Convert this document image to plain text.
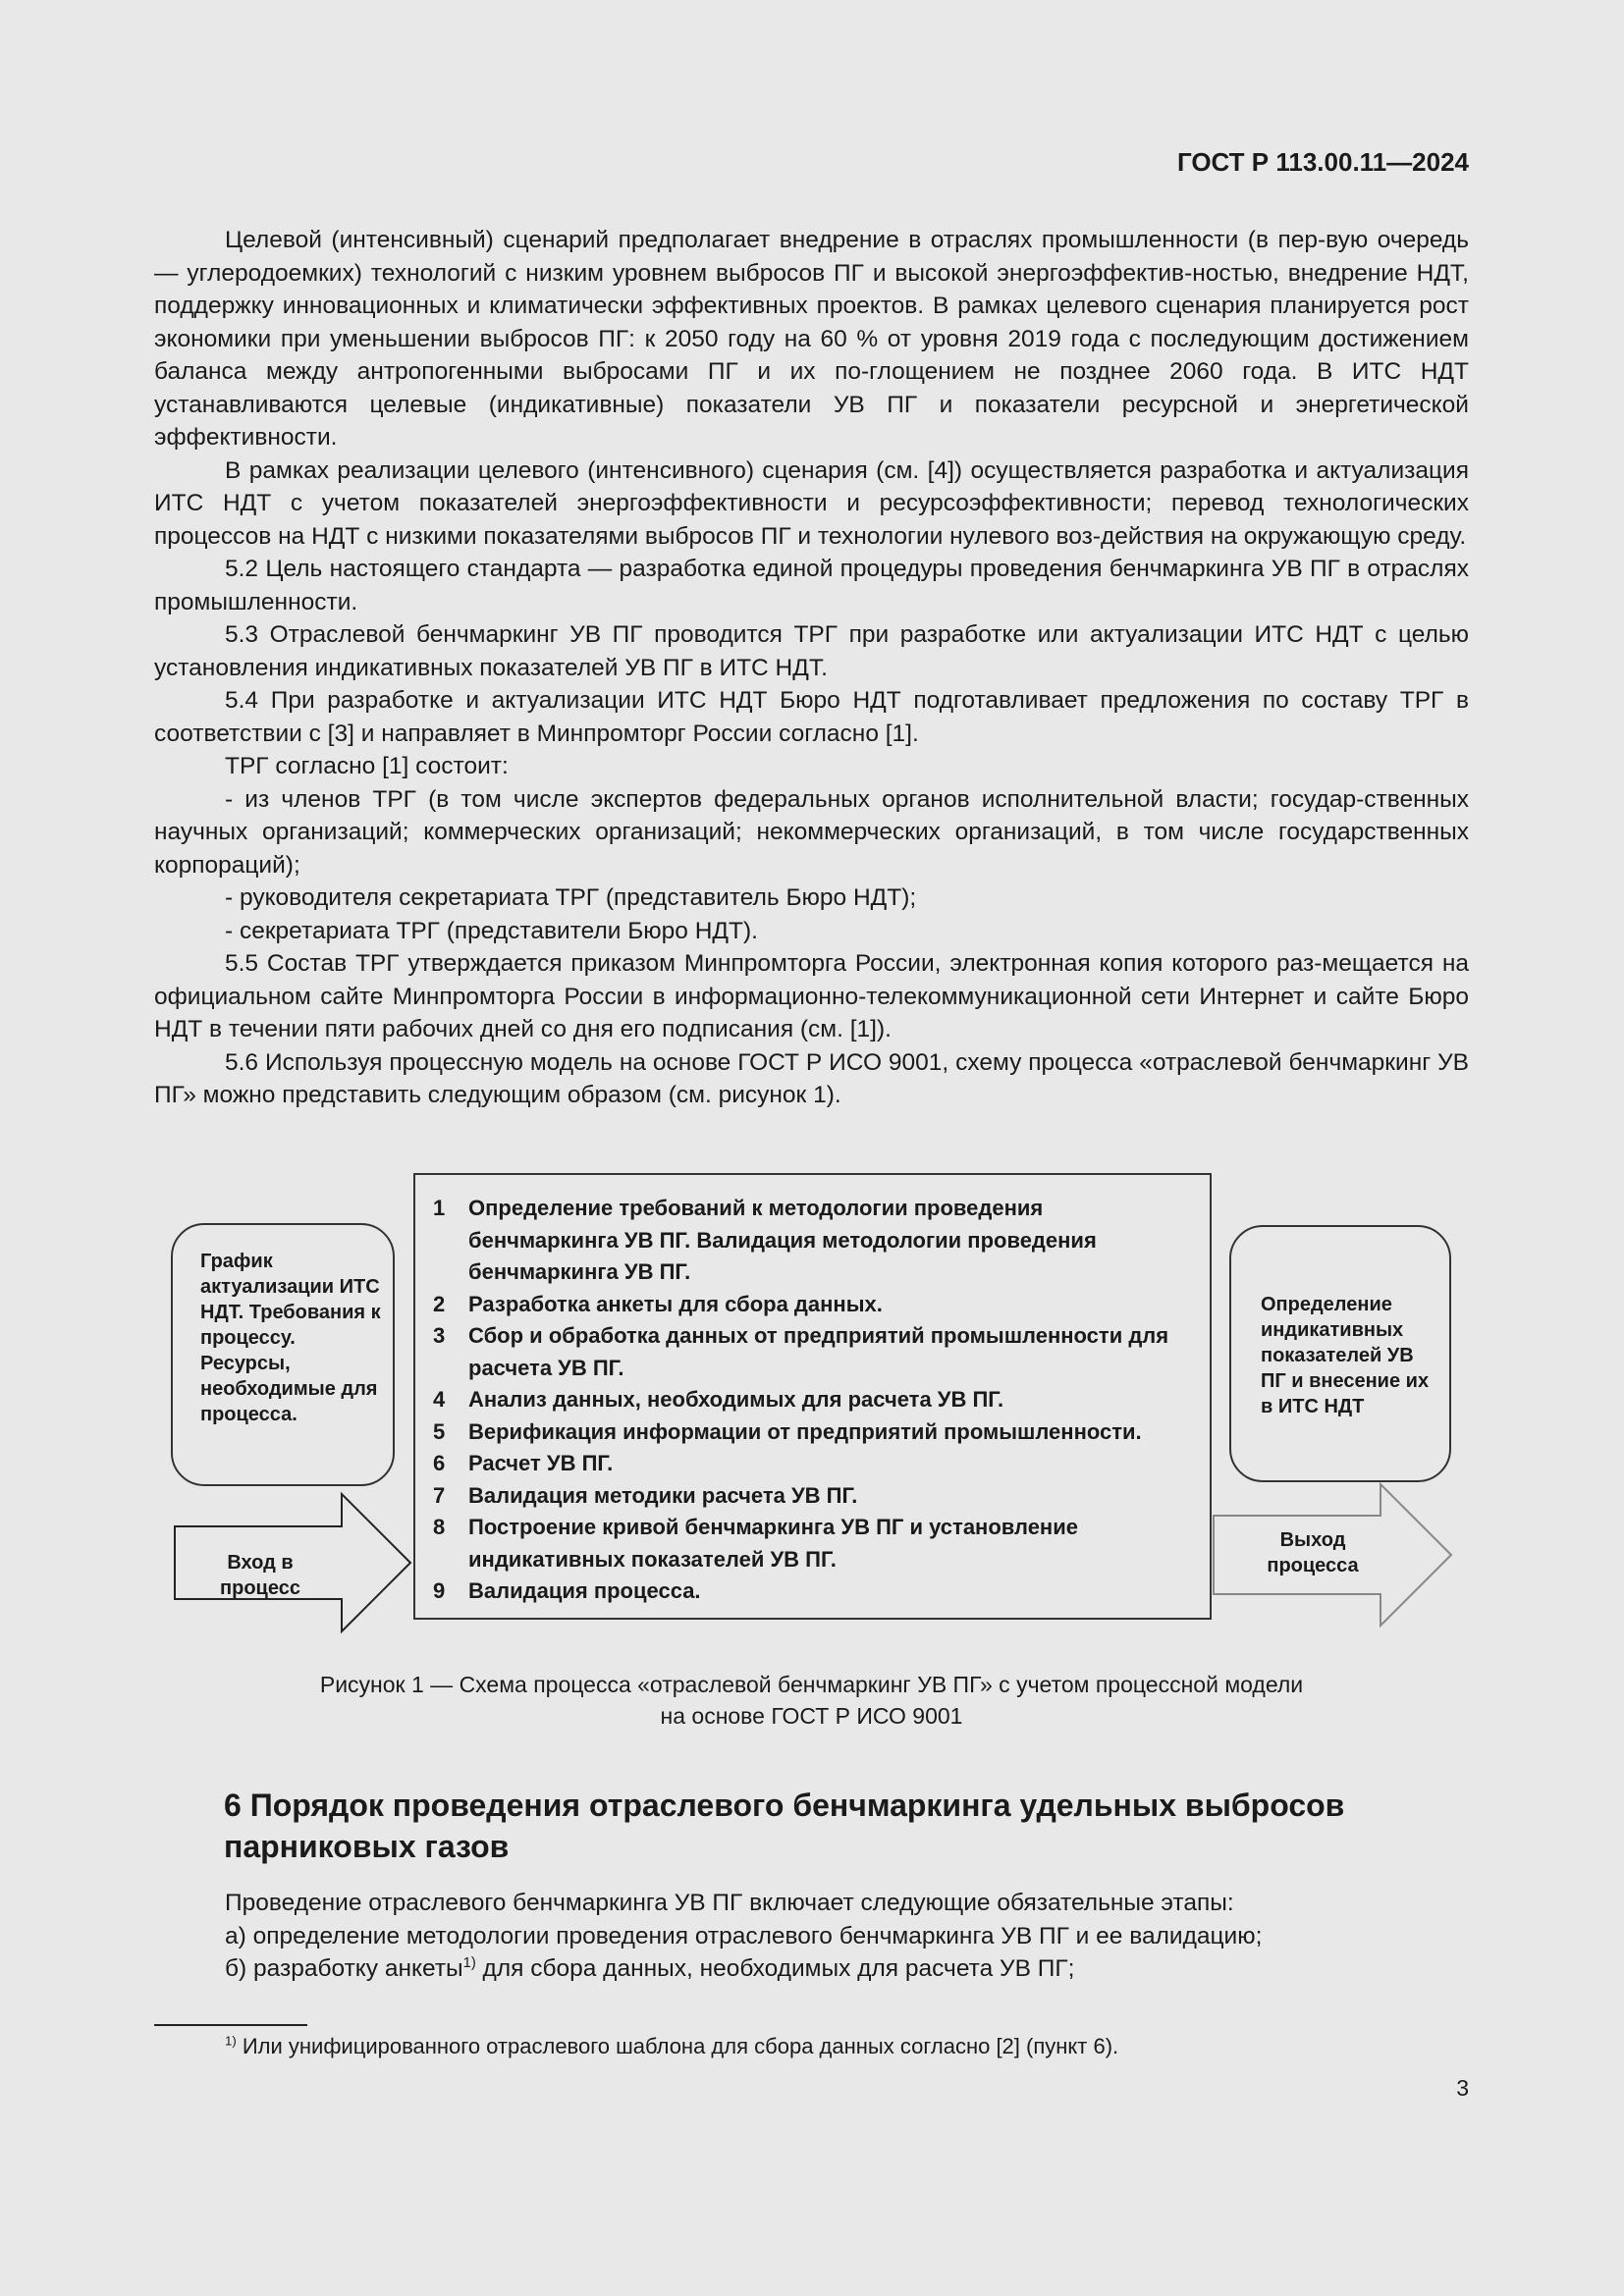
ГОСТ Р 113.00.11—2024

Целевой (интенсивный) сценарий предполагает внедрение в отраслях промышленности (в пер-вую очередь — углеродоемких) технологий с низким уровнем выбросов ПГ и высокой энергоэффектив-ностью, внедрение НДТ, поддержку инновационных и климатически эффективных проектов. В рамках целевого сценария планируется рост экономики при уменьшении выбросов ПГ: к 2050 году на 60 % от уровня 2019 года с последующим достижением баланса между антропогенными выбросами ПГ и их по-глощением не позднее 2060 года. В ИТС НДТ устанавливаются целевые (индикативные) показатели УВ ПГ и показатели ресурсной и энергетической эффективности.

В рамках реализации целевого (интенсивного) сценария (см. [4]) осуществляется разработка и актуализация ИТС НДТ с учетом показателей энергоэффективности и ресурсоэффективности; перевод технологических процессов на НДТ с низкими показателями выбросов ПГ и технологии нулевого воз-действия на окружающую среду.

5.2 Цель настоящего стандарта — разработка единой процедуры проведения бенчмаркинга УВ ПГ в отраслях промышленности.

5.3 Отраслевой бенчмаркинг УВ ПГ проводится ТРГ при разработке или актуализации ИТС НДТ с целью установления индикативных показателей УВ ПГ в ИТС НДТ.

5.4 При разработке и актуализации ИТС НДТ Бюро НДТ подготавливает предложения по составу ТРГ в соответствии с [3] и направляет в Минпромторг России согласно [1].

ТРГ согласно [1] состоит:

- из членов ТРГ (в том числе экспертов федеральных органов исполнительной власти; государ-ственных научных организаций; коммерческих организаций; некоммерческих организаций, в том числе государственных корпораций);

- руководителя секретариата ТРГ (представитель Бюро НДТ);

- секретариата ТРГ (представители Бюро НДТ).

5.5 Состав ТРГ утверждается приказом Минпромторга России, электронная копия которого раз-мещается на официальном сайте Минпромторга России в информационно-телекоммуникационной сети Интернет и сайте Бюро НДТ в течении пяти рабочих дней со дня его подписания (см. [1]).

5.6 Используя процессную модель на основе ГОСТ Р ИСО 9001, схему процесса «отраслевой бенчмаркинг УВ ПГ» можно представить следующим образом (см. рисунок 1).

График актуализации ИТС НДТ. Требования к процессу. Ресурсы, необходимые для процесса.
Вход в процесс
1	Определение требований к методологии проведения бенчмаркинга УВ ПГ. Валидация методологии проведения бенчмаркинга УВ ПГ.
2	Разработка анкеты для сбора данных.
3	Сбор и обработка данных от предприятий промышленности для расчета УВ ПГ.
4	Анализ данных, необходимых для расчета УВ ПГ.
5	Верификация информации от предприятий промышленности.
6	Расчет УВ ПГ.
7	Валидация методики расчета УВ ПГ.
8	Построение кривой бенчмаркинга УВ ПГ и установление индикативных показателей УВ ПГ.
9	Валидация процесса.
Определение индикативных показателей УВ ПГ и внесение их в ИТС НДТ
Выход процесса
Рисунок 1 — Схема процесса «отраслевой бенчмаркинг УВ ПГ» с учетом процессной модели
на основе ГОСТ Р ИСО 9001
6 Порядок проведения отраслевого бенчмаркинга удельных выбросов парниковых газов

Проведение отраслевого бенчмаркинга УВ ПГ включает следующие обязательные этапы:

а) определение методологии проведения отраслевого бенчмаркинга УВ ПГ и ее валидацию;

б) разработку анкеты$^{1)}$ для сбора данных, необходимых для расчета УВ ПГ;

$^{1)}$ Или унифицированного отраслевого шаблона для сбора данных согласно [2] (пункт 6).
3
